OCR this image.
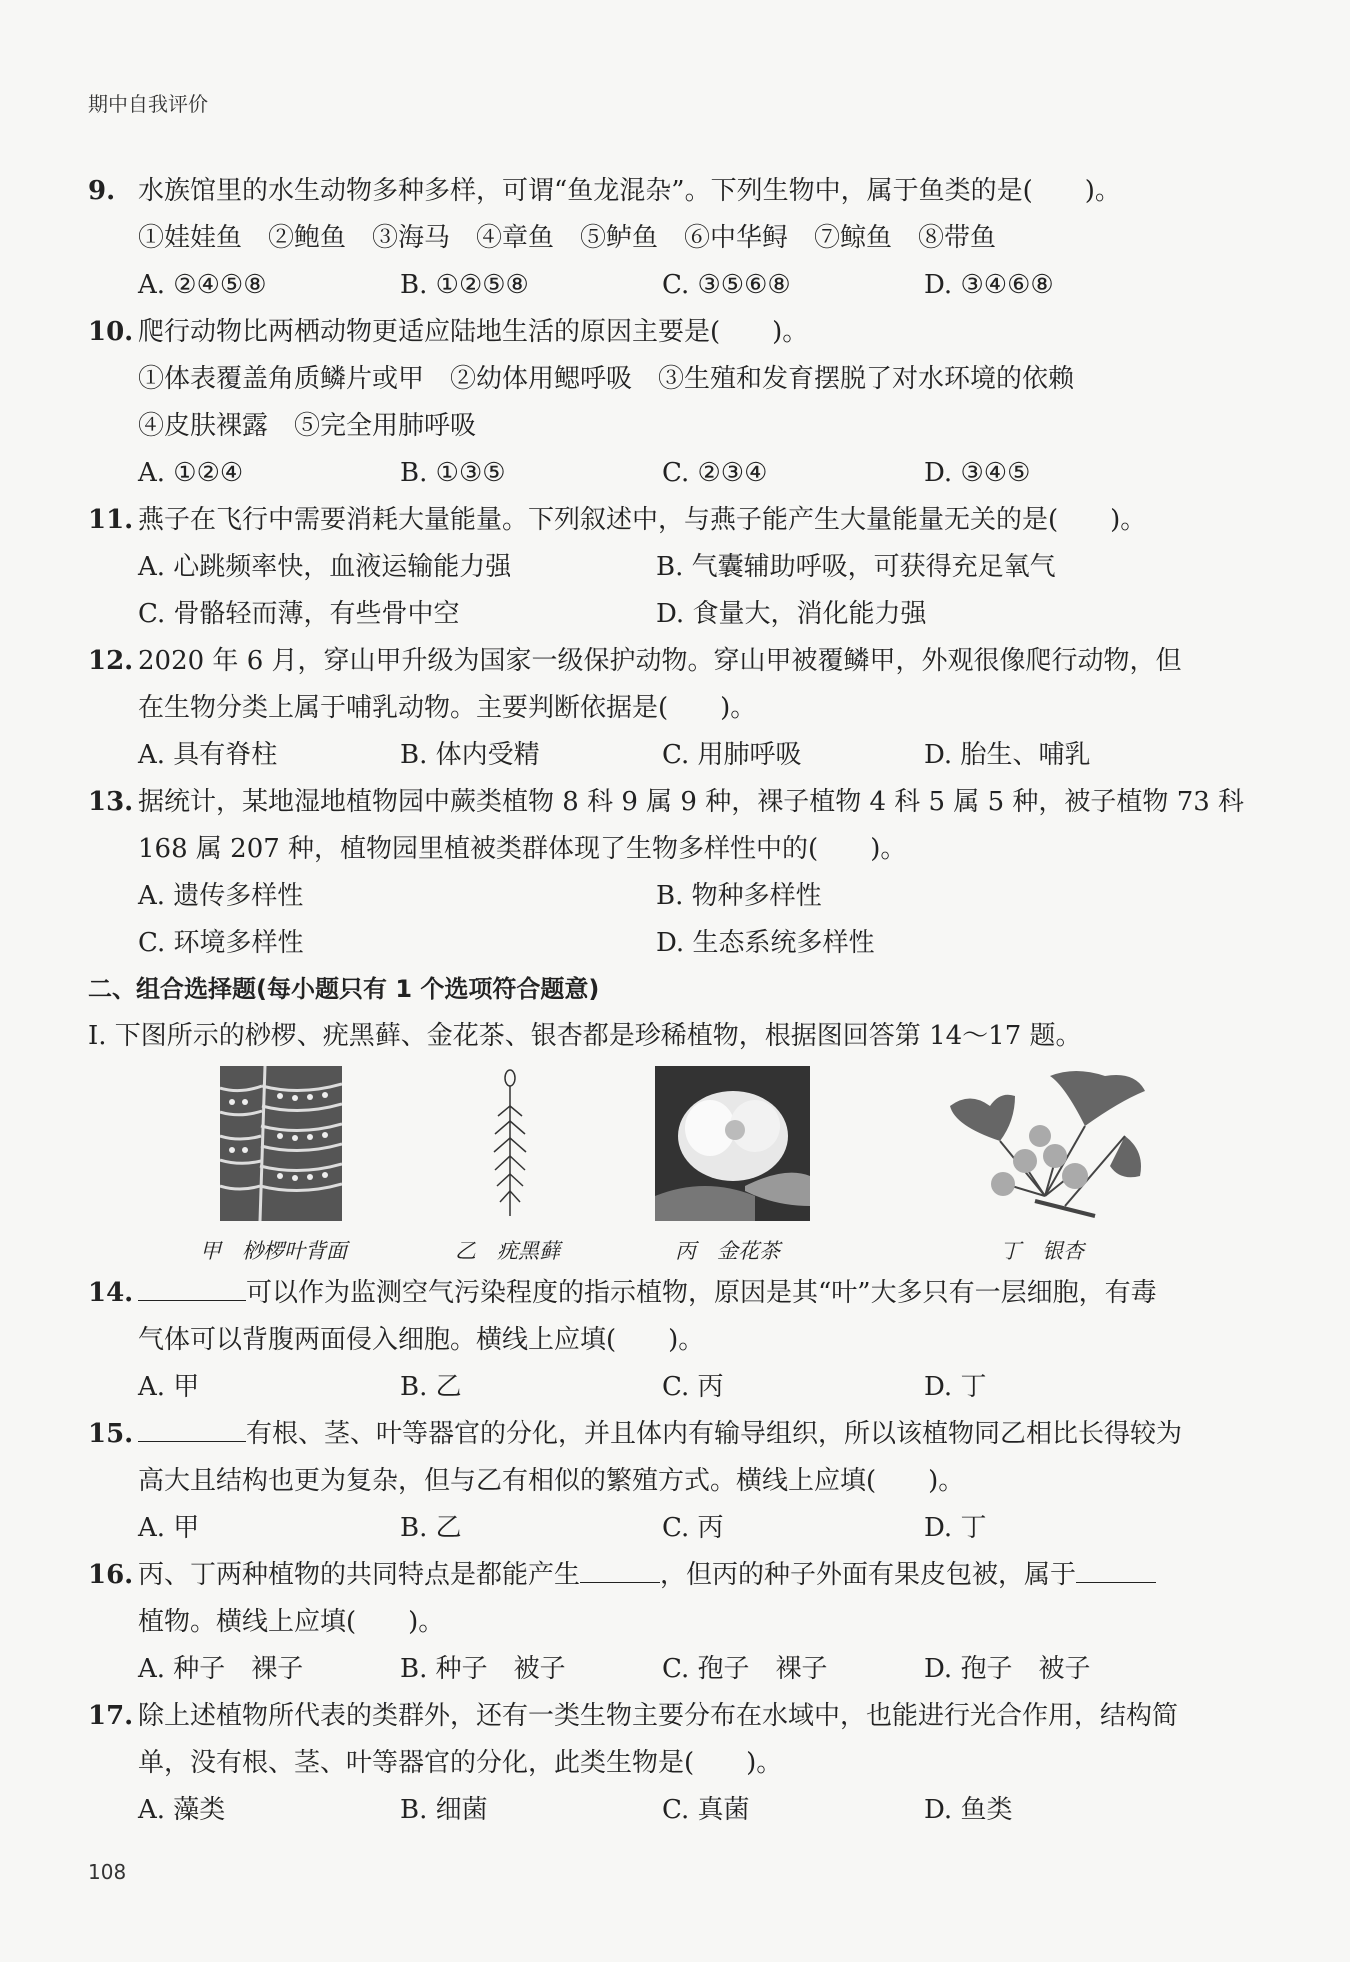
期中自我评价
9. 水族馆里的水生动物多种多样，可谓“鱼龙混杂”。下列生物中，属于鱼类的是(　　)。
①娃娃鱼　②鲍鱼　③海马　④章鱼　⑤鲈鱼　⑥中华鲟　⑦鲸鱼　⑧带鱼
A. ②④⑤⑧	B. ①②⑤⑧	C. ③⑤⑥⑧	D. ③④⑥⑧
10. 爬行动物比两栖动物更适应陆地生活的原因主要是(　　)。
①体表覆盖角质鳞片或甲　②幼体用鳃呼吸　③生殖和发育摆脱了对水环境的依赖
④皮肤裸露　⑤完全用肺呼吸
A. ①②④	B. ①③⑤	C. ②③④	D. ③④⑤
11. 燕子在飞行中需要消耗大量能量。下列叙述中，与燕子能产生大量能量无关的是(　　)。
A. 心跳频率快，血液运输能力强	B. 气囊辅助呼吸，可获得充足氧气
C. 骨骼轻而薄，有些骨中空	D. 食量大，消化能力强
12. 2020 年 6 月，穿山甲升级为国家一级保护动物。穿山甲被覆鳞甲，外观很像爬行动物，但
在生物分类上属于哺乳动物。主要判断依据是(　　)。
A. 具有脊柱	B. 体内受精	C. 用肺呼吸	D. 胎生、哺乳
13. 据统计，某地湿地植物园中蕨类植物 8 科 9 属 9 种，裸子植物 4 科 5 属 5 种，被子植物 73 科
168 属 207 种，植物园里植被类群体现了生物多样性中的(　　)。
A. 遗传多样性	B. 物种多样性
C. 环境多样性	D. 生态系统多样性
二、组合选择题(每小题只有 1 个选项符合题意)
Ⅰ. 下图所示的桫椤、疣黑藓、金花茶、银杏都是珍稀植物，根据图回答第 14～17 题。
甲　桫椤叶背面	乙　疣黑藓	丙　金花茶	丁　银杏
14.	可以作为监测空气污染程度的指示植物，原因是其“叶”大多只有一层细胞，有毒
气体可以背腹两面侵入细胞。横线上应填(　　)。
A. 甲	B. 乙	C. 丙	D. 丁
15.	有根、茎、叶等器官的分化，并且体内有输导组织，所以该植物同乙相比长得较为
高大且结构也更为复杂，但与乙有相似的繁殖方式。横线上应填(　　)。
A. 甲	B. 乙	C. 丙	D. 丁
16. 丙、丁两种植物的共同特点是都能产生	，但丙的种子外面有果皮包被，属于
植物。横线上应填(　　)。
A. 种子　裸子	B. 种子　被子	C. 孢子　裸子	D. 孢子　被子
17. 除上述植物所代表的类群外，还有一类生物主要分布在水域中，也能进行光合作用，结构简
单，没有根、茎、叶等器官的分化，此类生物是(　　)。
A. 藻类	B. 细菌	C. 真菌	D. 鱼类
108
